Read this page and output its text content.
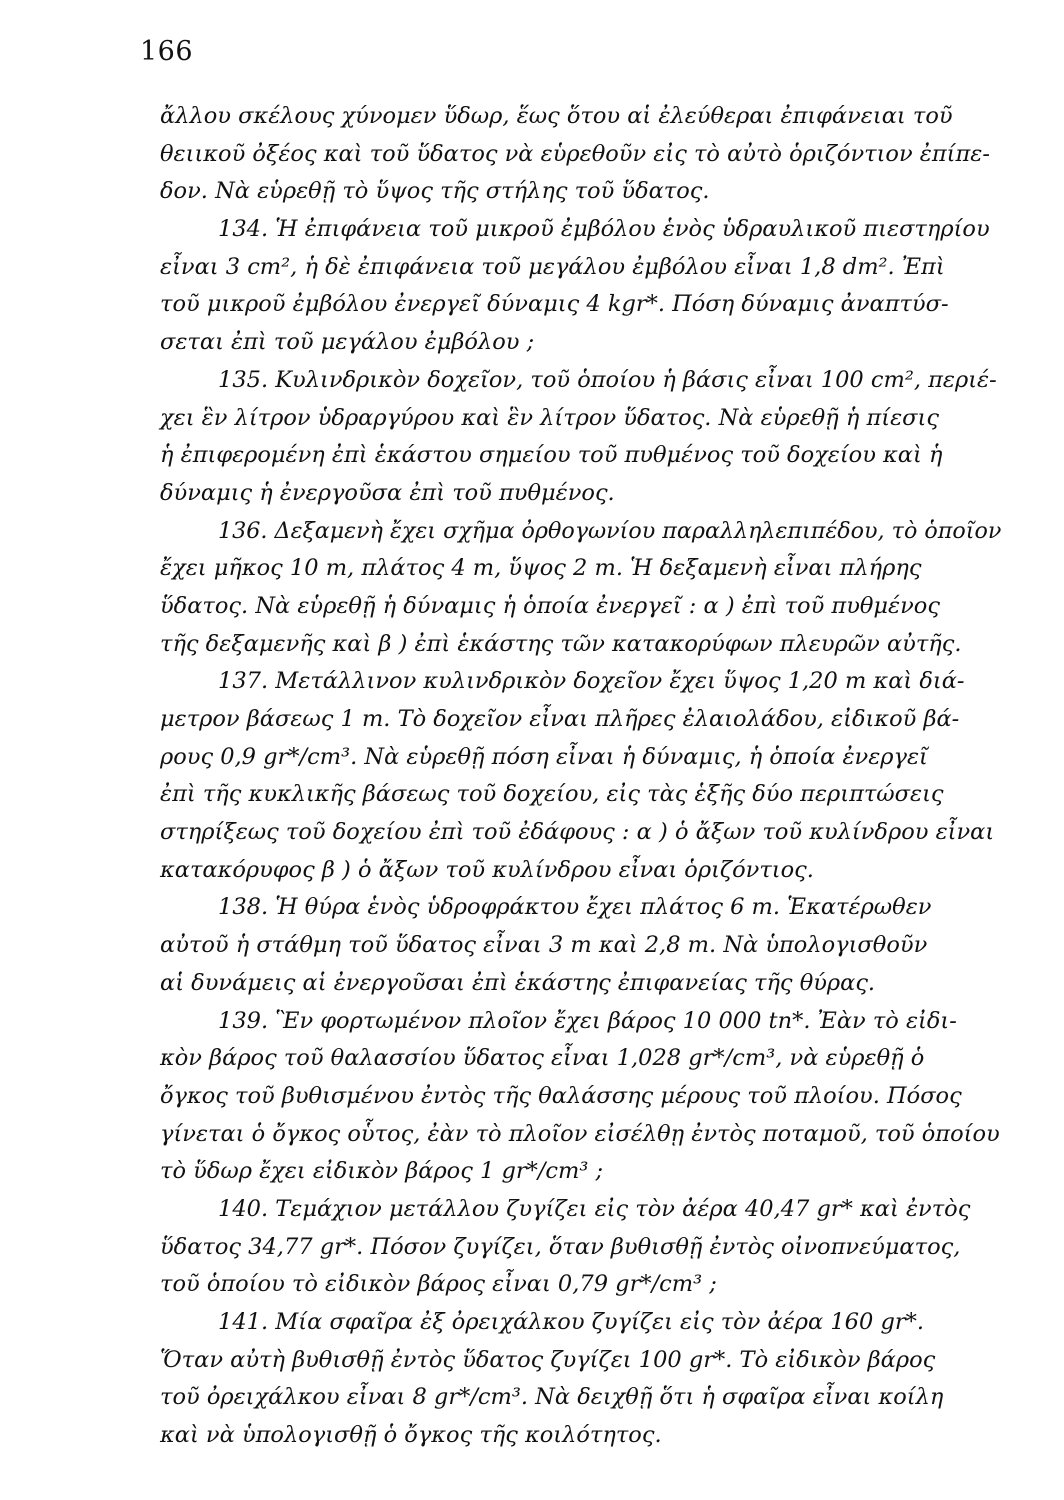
166
ἄλλου σκέλους χύνομεν ὕδωρ, ἕως ὅτου αἱ ἐλεύθεραι ἐπιφάνειαι τοῦ
θειικοῦ ὀξέος καὶ τοῦ ὕδατος νὰ εὑρεθοῦν εἰς τὸ αὐτὸ ὁριζόντιον ἐπίπε-
δον. Νὰ εὑρεθῇ τὸ ὕψος τῆς στήλης τοῦ ὕδατος.
134. Ἡ ἐπιφάνεια τοῦ μικροῦ ἐμβόλου ἑνὸς ὑδραυλικοῦ πιεστηρίου
εἶναι 3 cm², ἡ δὲ ἐπιφάνεια τοῦ μεγάλου ἐμβόλου εἶναι 1,8 dm². Ἐπὶ
τοῦ μικροῦ ἐμβόλου ἐνεργεῖ δύναμις 4 kgr*. Πόση δύναμις ἀναπτύσ-
σεται ἐπὶ τοῦ μεγάλου ἐμβόλου ;
135. Κυλινδρικὸν δοχεῖον, τοῦ ὁποίου ἡ βάσις εἶναι 100 cm², περιέ-
χει ἓν λίτρον ὑδραργύρου καὶ ἓν λίτρον ὕδατος. Νὰ εὑρεθῇ ἡ πίεσις
ἡ ἐπιφερομένη ἐπὶ ἑκάστου σημείου τοῦ πυθμένος τοῦ δοχείου καὶ ἡ
δύναμις ἡ ἐνεργοῦσα ἐπὶ τοῦ πυθμένος.
136. Δεξαμενὴ ἔχει σχῆμα ὀρθογωνίου παραλληλεπιπέδου, τὸ ὁποῖον
ἔχει μῆκος 10 m, πλάτος 4 m, ὕψος 2 m. Ἡ δεξαμενὴ εἶναι πλήρης
ὕδατος. Νὰ εὑρεθῇ ἡ δύναμις ἡ ὁποία ἐνεργεῖ : α ) ἐπὶ τοῦ πυθμένος
τῆς δεξαμενῆς καὶ β ) ἐπὶ ἑκάστης τῶν κατακορύφων πλευρῶν αὐτῆς.
137. Μετάλλινον κυλινδρικὸν δοχεῖον ἔχει ὕψος 1,20 m καὶ διά-
μετρον βάσεως 1 m. Τὸ δοχεῖον εἶναι πλῆρες ἐλαιολάδου, εἰδικοῦ βά-
ρους 0,9 gr*/cm³. Νὰ εὑρεθῇ πόση εἶναι ἡ δύναμις, ἡ ὁποία ἐνεργεῖ
ἐπὶ τῆς κυκλικῆς βάσεως τοῦ δοχείου, εἰς τὰς ἑξῆς δύο περιπτώσεις
στηρίξεως τοῦ δοχείου ἐπὶ τοῦ ἐδάφους : α ) ὁ ἄξων τοῦ κυλίνδρου εἶναι
κατακόρυφος β ) ὁ ἄξων τοῦ κυλίνδρου εἶναι ὁριζόντιος.
138. Ἡ θύρα ἑνὸς ὑδροφράκτου ἔχει πλάτος 6 m. Ἑκατέρωθεν
αὐτοῦ ἡ στάθμη τοῦ ὕδατος εἶναι 3 m καὶ 2,8 m. Νὰ ὑπολογισθοῦν
αἱ δυνάμεις αἱ ἐνεργοῦσαι ἐπὶ ἑκάστης ἐπιφανείας τῆς θύρας.
139. Ἓν φορτωμένον πλοῖον ἔχει βάρος 10 000 tn*. Ἐὰν τὸ εἰδι-
κὸν βάρος τοῦ θαλασσίου ὕδατος εἶναι 1,028 gr*/cm³, νὰ εὑρεθῇ ὁ
ὄγκος τοῦ βυθισμένου ἐντὸς τῆς θαλάσσης μέρους τοῦ πλοίου. Πόσος
γίνεται ὁ ὄγκος οὗτος, ἐὰν τὸ πλοῖον εἰσέλθῃ ἐντὸς ποταμοῦ, τοῦ ὁποίου
τὸ ὕδωρ ἔχει εἰδικὸν βάρος 1 gr*/cm³ ;
140. Τεμάχιον μετάλλου ζυγίζει εἰς τὸν ἀέρα 40,47 gr* καὶ ἐντὸς
ὕδατος 34,77 gr*. Πόσον ζυγίζει, ὅταν βυθισθῇ ἐντὸς οἰνοπνεύματος,
τοῦ ὁποίου τὸ εἰδικὸν βάρος εἶναι 0,79 gr*/cm³ ;
141. Μία σφαῖρα ἐξ ὀρειχάλκου ζυγίζει εἰς τὸν ἀέρα 160 gr*.
Ὅταν αὐτὴ βυθισθῇ ἐντὸς ὕδατος ζυγίζει 100 gr*. Τὸ εἰδικὸν βάρος
τοῦ ὀρειχάλκου εἶναι 8 gr*/cm³. Νὰ δειχθῇ ὅτι ἡ σφαῖρα εἶναι κοίλη
καὶ νὰ ὑπολογισθῇ ὁ ὄγκος τῆς κοιλότητος.
